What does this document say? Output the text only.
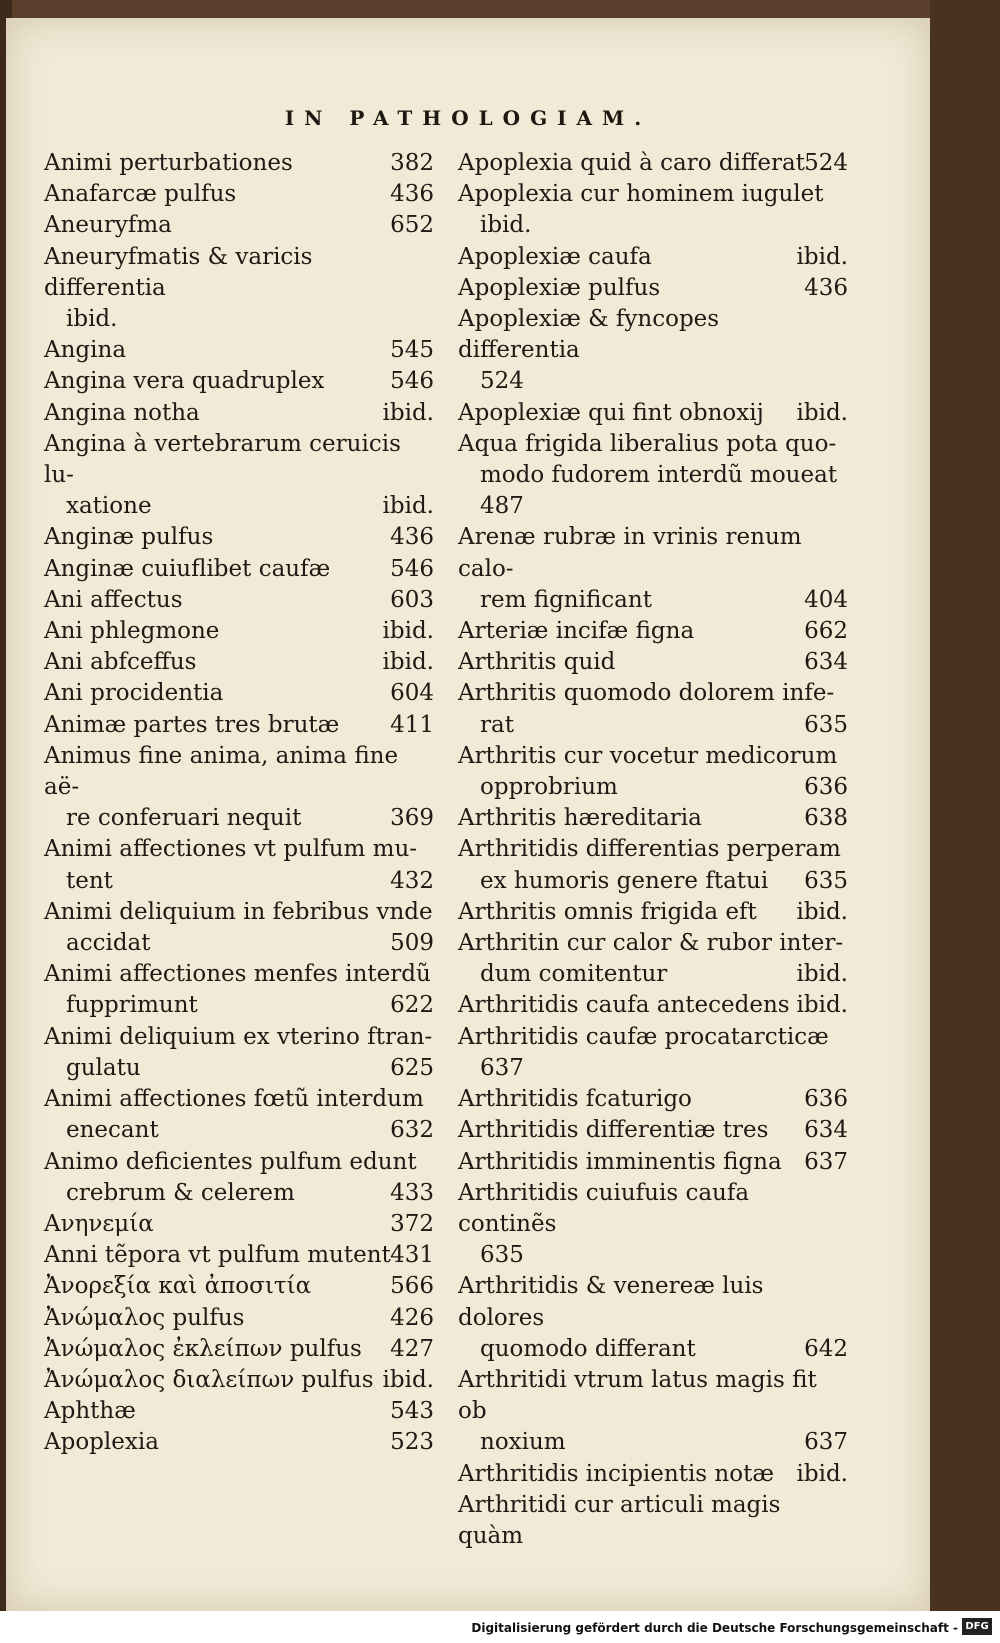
IN PATHOLOGIAM.
Animi perturbationes	382
Anafarcæ pulfus	436
Aneuryfma	652
Aneuryfmatis & varicis differentia
ibid.
Angina	545
Angina vera quadruplex	546
Angina notha	ibid.
Angina à vertebrarum ceruicis lu-
xatione	ibid.
Anginæ pulfus	436
Anginæ cuiuflibet caufæ	546
Ani affectus	603
Ani phlegmone	ibid.
Ani abfceffus	ibid.
Ani procidentia	604
Animæ partes tres brutæ 411
Animus fine anima, anima fine aë-
re conferuari nequit	369
Animi affectiones vt pulfum mu-
tent	432
Animi deliquium in febribus vnde
accidat	509
Animi affectiones menfes interdũ
fupprimunt	622
Animi deliquium ex vterino ftran-
gulatu	625
Animi affectiones fœtũ interdum
enecant	632
Animo deficientes pulfum edunt
crebrum & celerem	433
Ανηνεμία	372
Anni tẽpora vt pulfum mutent 431
Ἀνορεξία καὶ ἀποσιτία	566
Ἀνώμαλος pulfus	426
Ἀνώμαλος ἐκλείπων pulfus 427
Ἀνώμαλος διαλείπων pulfus ibid.
Aphthæ	543
Apoplexia	523
Apoplexia quid à caro differat 524
Apoplexia cur hominem iugulet
ibid.
Apoplexiæ caufa	ibid.
Apoplexiæ pulfus	436
Apoplexiæ & fyncopes differentia
524
Apoplexiæ qui fint obnoxij ibid.
Aqua frigida liberalius pota quo-
modo fudorem interdũ moueat
487
Arenæ rubræ in vrinis renum calo-
rem fignificant	404
Arteriæ incifæ figna	662
Arthritis quid	634
Arthritis quomodo dolorem infe-
rat	635
Arthritis cur vocetur medicorum
opprobrium	636
Arthritis hæreditaria	638
Arthritidis differentias perperam
ex humoris genere ftatui	635
Arthritis omnis frigida eft ibid.
Arthritin cur calor & rubor inter-
dum comitentur	ibid.
Arthritidis caufa antecedens ibid.
Arthritidis caufæ procatarcticæ
637
Arthritidis fcaturigo	636
Arthritidis differentiæ tres 634
Arthritidis imminentis figna 637
Arthritidis cuiufuis caufa continẽs
635
Arthritidis & venereæ luis dolores
quomodo differant	642
Arthritidi vtrum latus magis fit ob
noxium	637
Arthritidis incipientis notæ ibid.
Arthritidi cur articuli magis quàm
Digitalisierung gefördert durch die Deutsche Forschungsgemeinschaft - DFG
